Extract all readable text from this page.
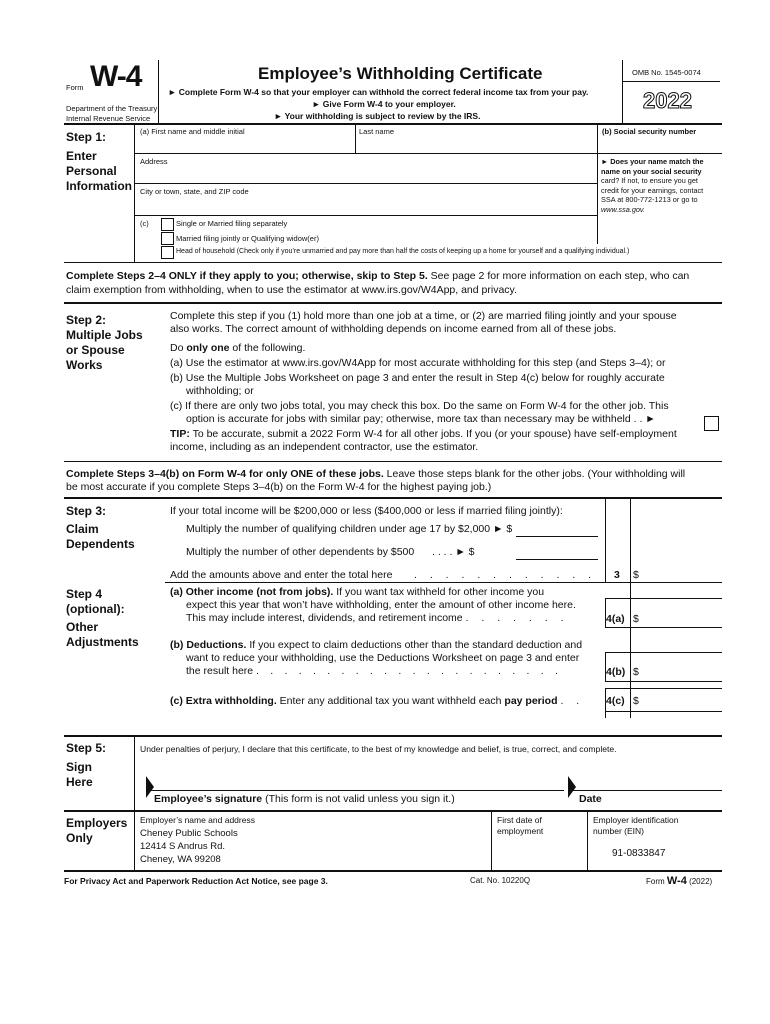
Form W-4
Department of the Treasury
Internal Revenue Service
Employee’s Withholding Certificate
► Complete Form W-4 so that your employer can withhold the correct federal income tax from your pay.
► Give Form W-4 to your employer.
► Your withholding is subject to review by the IRS.
OMB No. 1545-0074
2022
Step 1:
Enter
Personal
Information
(a) First name and middle initial	Last name	(b) Social security number
Address
City or town, state, and ZIP code
► Does your name match the
name on your social security
card? If not, to ensure you get
credit for your earnings, contact
SSA at 800-772-1213 or go to
www.ssa.gov.
(c)	Single or Married filing separately
Married filing jointly or Qualifying widow(er)
Head of household (Check only if you’re unmarried and pay more than half the costs of keeping up a home for yourself and a qualifying individual.)
Complete Steps 2–4 ONLY if they apply to you; otherwise, skip to Step 5. See page 2 for more information on each step, who can
claim exemption from withholding, when to use the estimator at www.irs.gov/W4App, and privacy.
Step 2:
Multiple Jobs
or Spouse
Works
Complete this step if you (1) hold more than one job at a time, or (2) are married filing jointly and your spouse
also works. The correct amount of withholding depends on income earned from all of these jobs.
Do only one of the following.
(a) Use the estimator at www.irs.gov/W4App for most accurate withholding for this step (and Steps 3–4); or
(b) Use the Multiple Jobs Worksheet on page 3 and enter the result in Step 4(c) below for roughly accurate
withholding; or
(c) If there are only two jobs total, you may check this box. Do the same on Form W-4 for the other job. This
option is accurate for jobs with similar pay; otherwise, more tax than necessary may be withheld . . ►
TIP: To be accurate, submit a 2022 Form W-4 for all other jobs. If you (or your spouse) have self-employment
income, including as an independent contractor, use the estimator.
Complete Steps 3–4(b) on Form W-4 for only ONE of these jobs. Leave those steps blank for the other jobs. (Your withholding will
be most accurate if you complete Steps 3–4(b) on the Form W-4 for the highest paying job.)
Step 3:
Claim
Dependents
If your total income will be $200,000 or less ($400,000 or less if married filing jointly):
Multiply the number of qualifying children under age 17 by $2,000 ► $
Multiply the number of other dependents by $500 . . . . ► $
Add the amounts above and enter the total here . . . . . . . . . . . . . 3 $
Step 4
(optional):
Other
Adjustments
(a) Other income (not from jobs). If you want tax withheld for other income you
expect this year that won’t have withholding, enter the amount of other income here.
This may include interest, dividends, and retirement income . . . . . . .	4(a) $
(b) Deductions. If you expect to claim deductions other than the standard deduction and
want to reduce your withholding, use the Deductions Worksheet on page 3 and enter
the result here . . . . . . . . . . . . . . . . . . . . . .	4(b) $
(c) Extra withholding. Enter any additional tax you want withheld each pay period . . 4(c) $
Step 5:
Sign
Here
Under penalties of perjury, I declare that this certificate, to the best of my knowledge and belief, is true, correct, and complete.
Employee’s signature (This form is not valid unless you sign it.)	Date
Employers
Only
Employer’s name and address
Cheney Public Schools
12414 S Andrus Rd.
Cheney, WA 99208
First date of
employment
Employer identification
number (EIN)
91-0833847
For Privacy Act and Paperwork Reduction Act Notice, see page 3.	Cat. No. 10220Q	Form W-4 (2022)
